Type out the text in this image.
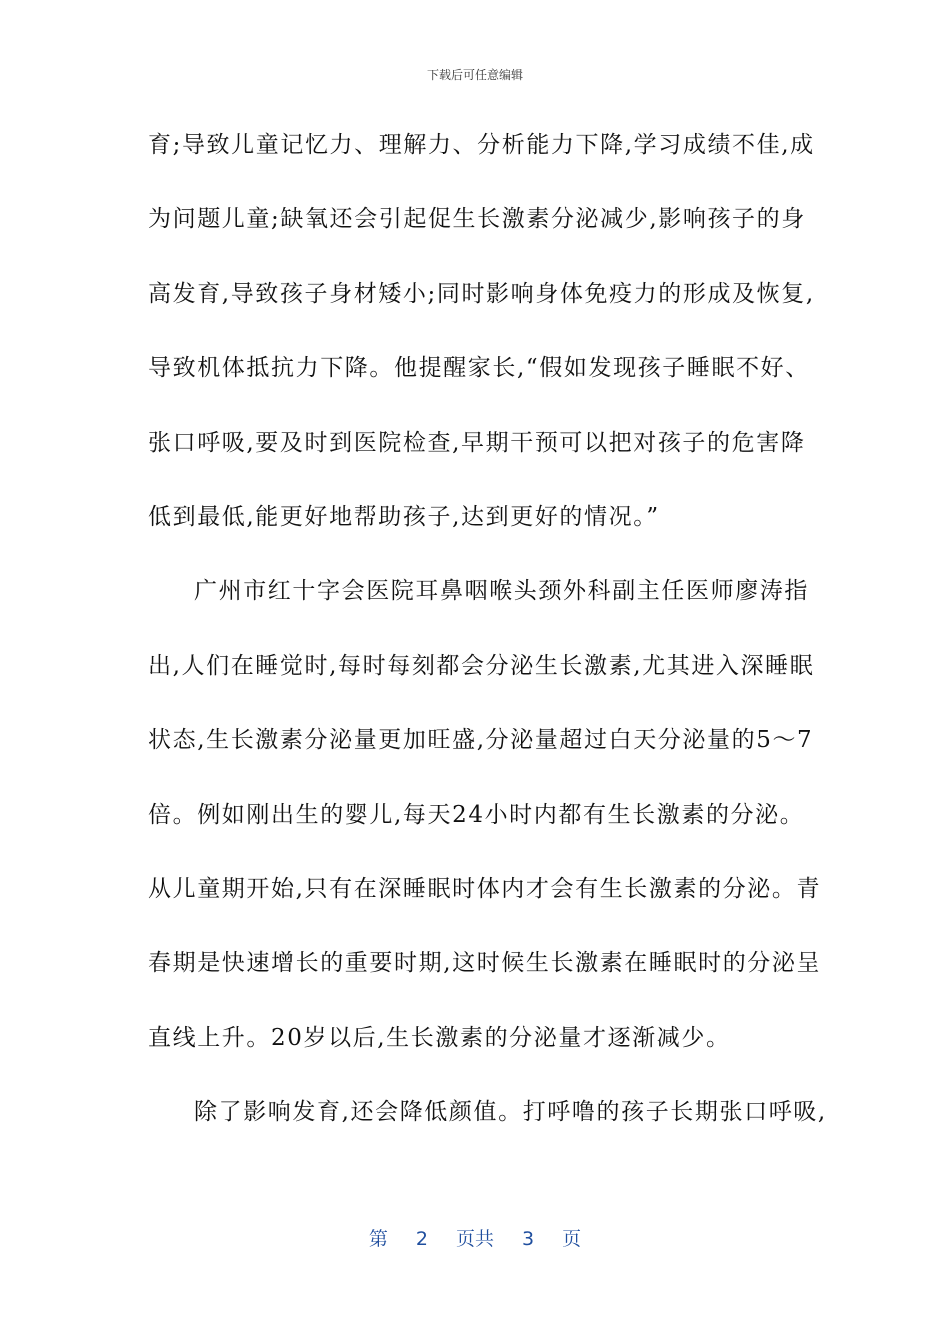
下载后可任意编辑
育;导致儿童记忆力、理解力、分析能力下降,学习成绩不佳,成
为问题儿童;缺氧还会引起促生长激素分泌减少,影响孩子的身
高发育,导致孩子身材矮小;同时影响身体免疫力的形成及恢复,
导致机体抵抗力下降。他提醒家长,“假如发现孩子睡眠不好、
张口呼吸,要及时到医院检查,早期干预可以把对孩子的危害降
低到最低,能更好地帮助孩子,达到更好的情况。”
广州市红十字会医院耳鼻咽喉头颈外科副主任医师廖涛指
出,人们在睡觉时,每时每刻都会分泌生长激素,尤其进入深睡眠
状态,生长激素分泌量更加旺盛,分泌量超过白天分泌量的5～7
倍。例如刚出生的婴儿,每天24小时内都有生长激素的分泌。
从儿童期开始,只有在深睡眠时体内才会有生长激素的分泌。青
春期是快速增长的重要时期,这时候生长激素在睡眠时的分泌呈
直线上升。20岁以后,生长激素的分泌量才逐渐减少。
除了影响发育,还会降低颜值。打呼噜的孩子长期张口呼吸,
第 2 页共 3 页
